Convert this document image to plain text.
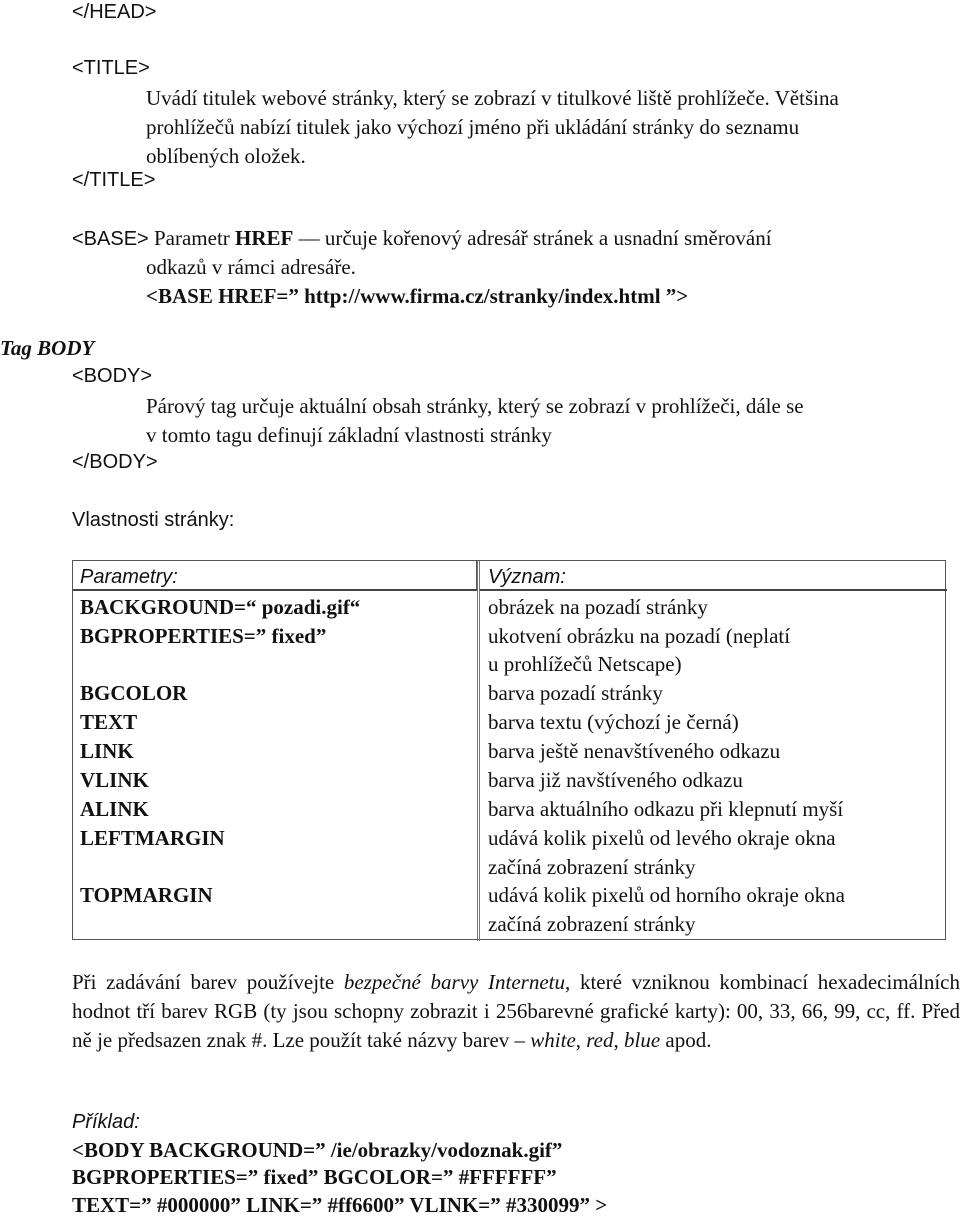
</HEAD>
<TITLE>
Uvádí titulek webové stránky, který se zobrazí v titulkové liště prohlížeče. Většina
prohlížečů nabízí titulek jako výchozí jméno při ukládání stránky do seznamu
oblíbených oložek.
</TITLE>
<BASE> Parametr HREF — určuje kořenový adresář stránek a usnadní směrování
odkazů v rámci adresáře.
<BASE HREF=” http://www.firma.cz/stranky/index.html ”>
Tag BODY
<BODY>
Párový tag určuje aktuální obsah stránky, který se zobrazí v prohlížeči, dále se
v tomto tagu definují základní vlastnosti stránky
</BODY>
Vlastnosti stránky:
Parametry:	Význam:
BACKGROUND=“ pozadi.gif“	obrázek na pozadí stránky
BGPROPERTIES=” fixed”	ukotvení obrázku na pozadí (neplatí
u prohlížečů Netscape)
BGCOLOR	barva pozadí stránky
TEXT	barva textu (výchozí je černá)
LINK	barva ještě nenavštíveného odkazu
VLINK	barva již navštíveného odkazu
ALINK	barva aktuálního odkazu při klepnutí myší
LEFTMARGIN	udává kolik pixelů od levého okraje okna
začíná zobrazení stránky
TOPMARGIN	udává kolik pixelů od horního okraje okna
začíná zobrazení stránky
Při zadávání barev používejte bezpečné barvy Internetu, které vzniknou kombinací hexadecimálních hodnot tří barev RGB (ty jsou schopny zobrazit i 256barevné grafické karty): 00, 33, 66, 99, cc, ff. Před ně je předsazen znak #. Lze použít také názvy barev – white, red, blue apod.
Příklad:
<BODY BACKGROUND=” /ie/obrazky/vodoznak.gif”
BGPROPERTIES=” fixed” BGCOLOR=” #FFFFFF”
TEXT=” #000000” LINK=” #ff6600” VLINK=” #330099” >
